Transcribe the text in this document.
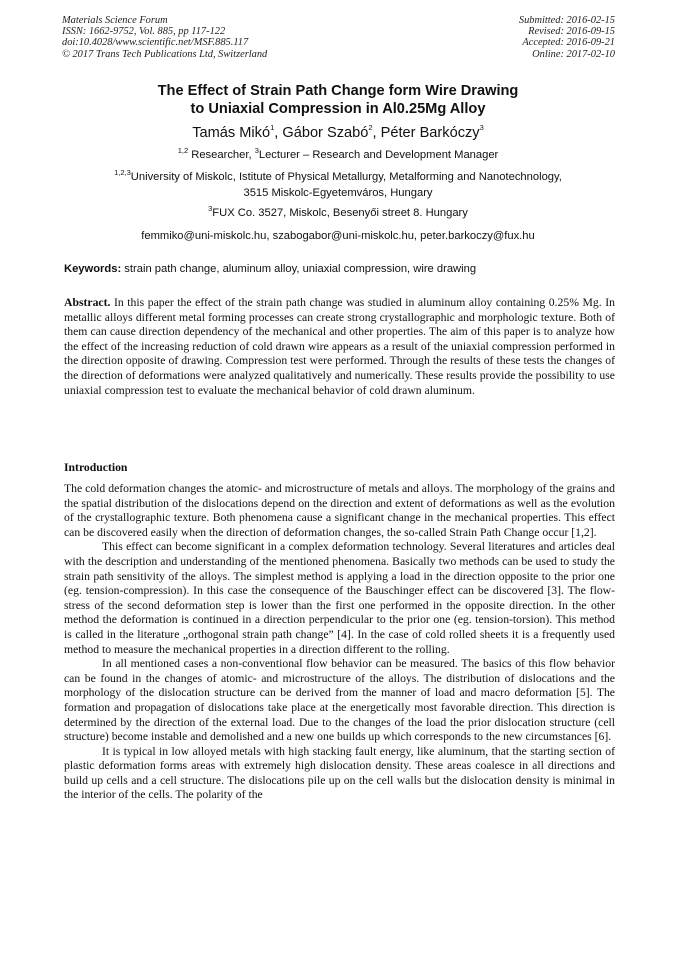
Materials Science Forum
ISSN: 1662-9752, Vol. 885, pp 117-122
doi:10.4028/www.scientific.net/MSF.885.117
© 2017 Trans Tech Publications Ltd, Switzerland
Submitted: 2016-02-15
Revised: 2016-09-15
Accepted: 2016-09-21
Online: 2017-02-10
The Effect of Strain Path Change form Wire Drawing
to Uniaxial Compression in Al0.25Mg Alloy
Tamás Mikó$^1$, Gábor Szabó$^2$, Péter Barkóczy$^3$
$^{1,2}$ Researcher, $^3$Lecturer – Research and Development Manager
$^{1,2,3}$University of Miskolc, Istitute of Physical Metallurgy, Metalforming and Nanotechnology,
3515 Miskolc-Egyetemváros, Hungary
$^3$FUX Co. 3527, Miskolc, Besenyői street 8. Hungary
femmiko@uni-miskolc.hu, szabogabor@uni-miskolc.hu, peter.barkoczy@fux.hu
Keywords: strain path change, aluminum alloy, uniaxial compression, wire drawing

Abstract. In this paper the effect of the strain path change was studied in aluminum alloy containing 0.25% Mg. In metallic alloys different metal forming processes can create strong crystallographic and morphologic texture. Both of them can cause direction dependency of the mechanical and other properties. The aim of this paper is to analyze how the effect of the increasing reduction of cold drawn wire appears as a result of the uniaxial compression performed in the direction opposite of drawing. Compression test were performed. Through the results of these tests the changes of the direction of deformations were analyzed qualitatively and numerically. These results provide the possibility to use uniaxial compression test to evaluate the mechanical behavior of cold drawn aluminum.

Introduction

The cold deformation changes the atomic- and microstructure of metals and alloys. The morphology of the grains and the spatial distribution of the dislocations depend on the direction and extent of deformations as well as the evolution of the crystallographic texture. Both phenomena cause a significant change in the mechanical properties. This effect can be discovered easily when the direction of deformation changes, the so-called Strain Path Change occur [1,2].

This effect can become significant in a complex deformation technology. Several literatures and articles deal with the description and understanding of the mentioned phenomena. Basically two methods can be used to study the strain path sensitivity of the alloys. The simplest method is applying a load in the direction opposite to the prior one (eg. tension-compression). In this case the consequence of the Bauschinger effect can be discovered [3]. The flow-stress of the second deformation step is lower than the first one performed in the opposite direction. In the other method the deformation is continued in a direction perpendicular to the prior one (eg. tension-torsion). This method is called in the literature „orthogonal strain path change” [4]. In the case of cold rolled sheets it is a frequently used method to measure the mechanical properties in a direction different to the rolling.

In all mentioned cases a non-conventional flow behavior can be measured. The basics of this flow behavior can be found in the changes of atomic- and microstructure of the alloys. The distribution of dislocations and the morphology of the dislocation structure can be derived from the manner of load and macro deformation [5]. The formation and propagation of dislocations take place at the energetically most favorable direction. This direction is determined by the direction of the external load. Due to the changes of the load the prior dislocation structure (cell structure) become instable and demolished and a new one builds up which corresponds to the new circumstances [6].

It is typical in low alloyed metals with high stacking fault energy, like aluminum, that the starting section of plastic deformation forms areas with extremely high dislocation density. These areas coalesce in all directions and build up cells and a cell structure. The dislocations pile up on the cell walls but the dislocation density is minimal in the interior of the cells. The polarity of the
